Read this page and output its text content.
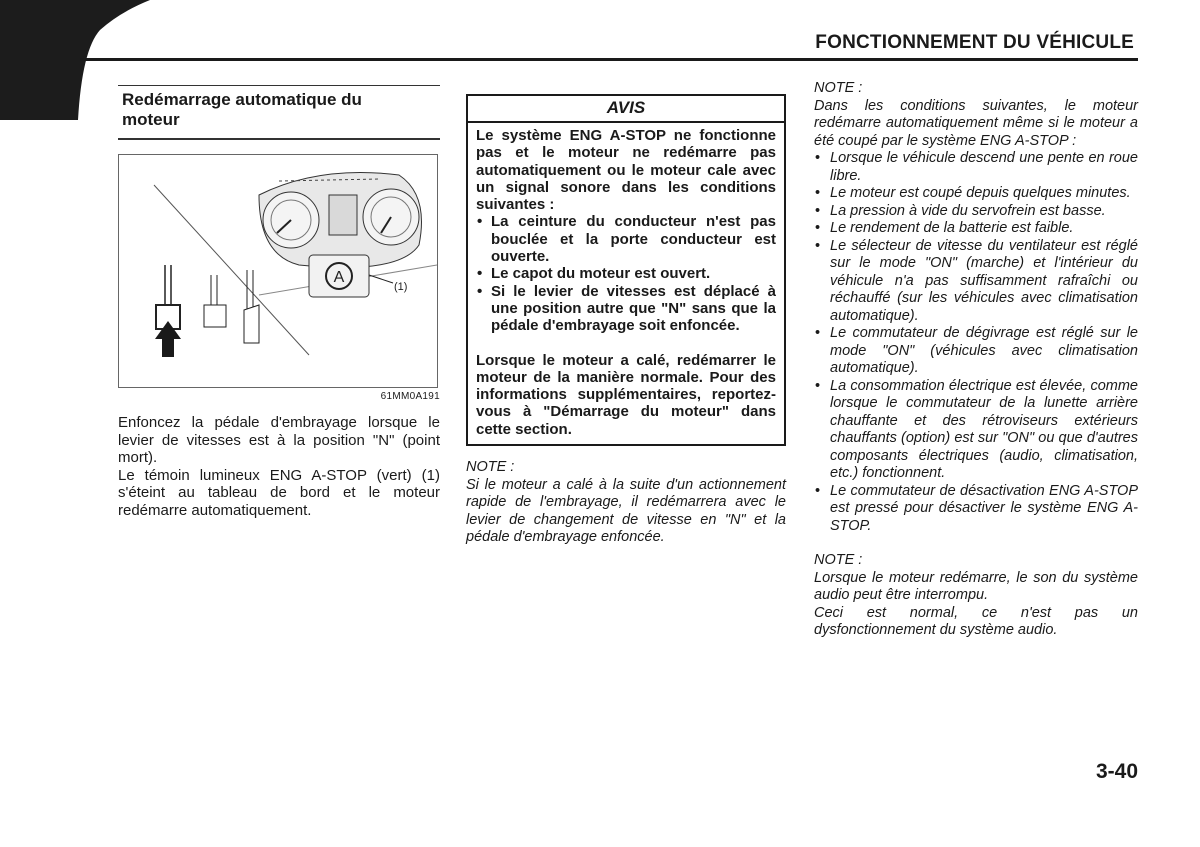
FONCTIONNEMENT DU VÉHICULE
Redémarrage automatique du
moteur
A
(1)
61MM0A191

Enfoncez la pédale d'embrayage lorsque le levier de vitesses est à la position "N" (point mort).

Le témoin lumineux ENG A-STOP (vert) (1) s'éteint au tableau de bord et le moteur redémarre automatiquement.

AVIS

Le système ENG A-STOP ne fonctionne pas et le moteur ne redémarre pas automatiquement ou le moteur cale avec un signal sonore dans les conditions suivantes :

• La ceinture du conducteur n'est pas bouclée et la porte conducteur est ouverte.
• Le capot du moteur est ouvert.
• Si le levier de vitesses est déplacé à une position autre que "N" sans que la pédale d'embrayage soit enfoncée.

Lorsque le moteur a calé, redémarrer le moteur de la manière normale. Pour des informations supplémentaires, reportez-vous à "Démarrage du moteur" dans cette section.

NOTE :

Si le moteur a calé à la suite d'un actionnement rapide de l'embrayage, il redémarrera avec le levier de changement de vitesse en "N" et la pédale d'embrayage enfoncée.

NOTE :

Dans les conditions suivantes, le moteur redémarre automatiquement même si le moteur a été coupé par le système ENG A-STOP :

• Lorsque le véhicule descend une pente en roue libre.
• Le moteur est coupé depuis quelques minutes.
• La pression à vide du servofrein est basse.
• Le rendement de la batterie est faible.
• Le sélecteur de vitesse du ventilateur est réglé sur le mode "ON" (marche) et l'intérieur du véhicule n'a pas suffisamment rafraîchi ou réchauffé (sur les véhicules avec climatisation automatique).
• Le commutateur de dégivrage est réglé sur le mode "ON" (véhicules avec climatisation automatique).
• La consommation électrique est élevée, comme lorsque le commutateur de la lunette arrière chauffante et des rétroviseurs extérieurs chauffants (option) est sur "ON" ou que d'autres composants électriques (audio, climatisation, etc.) fonctionnent.
• Le commutateur de désactivation ENG A-STOP est pressé pour désactiver le système ENG A-STOP.

NOTE :

Lorsque le moteur redémarre, le son du système audio peut être interrompu.

Ceci est normal, ce n'est pas un dysfonctionnement du système audio.

3-40
